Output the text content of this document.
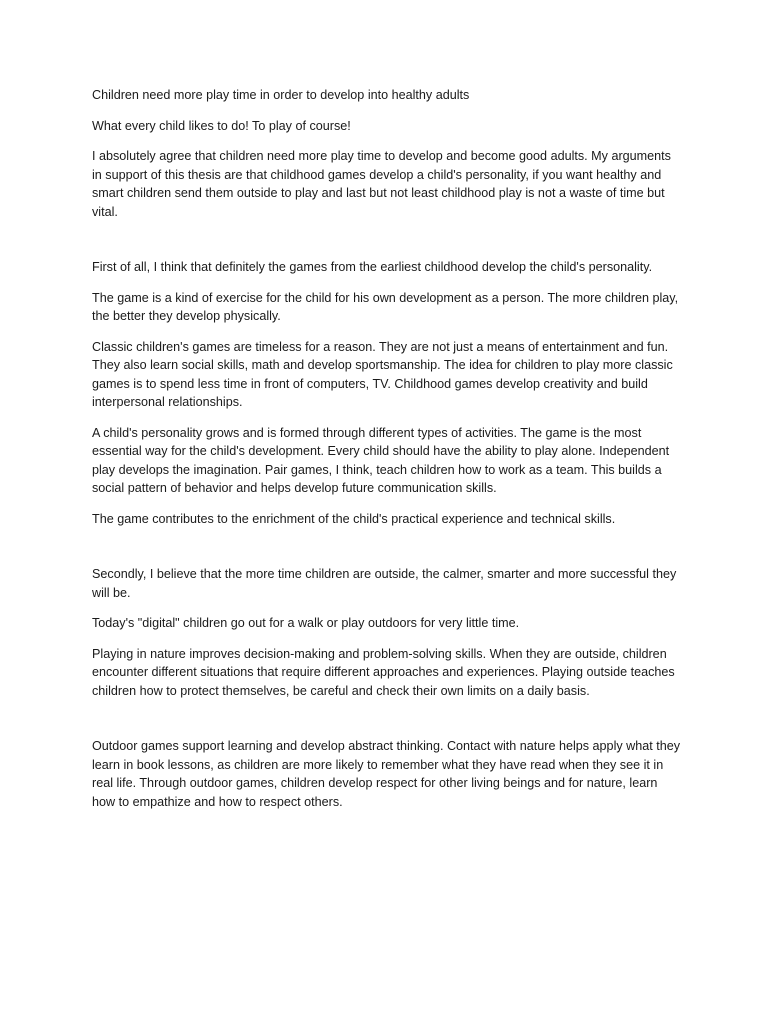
Children need more play time in order to develop into healthy adults

What every child likes to do! To play of course!

I absolutely agree that children need more play time to develop and become good adults. My arguments in support of this thesis are that childhood games develop a child's personality, if you want healthy and smart children send them outside to play and last but not least childhood play is not a waste of time but vital.

First of all, I think that definitely the games from the earliest childhood develop the child's personality.

The game is a kind of exercise for the child for his own development as a person. The more children play, the better they develop physically.

Classic children's games are timeless for a reason. They are not just a means of entertainment and fun. They also learn social skills, math and develop sportsmanship. The idea for children to play more classic games is to spend less time in front of computers, TV. Childhood games develop creativity and build interpersonal relationships.

A child's personality grows and is formed through different types of activities. The game is the most essential way for the child's development. Every child should have the ability to play alone. Independent play develops the imagination. Pair games, I think, teach children how to work as a team. This builds a social pattern of behavior and helps develop future communication skills.

The game contributes to the enrichment of the child's practical experience and technical skills.

Secondly, I believe that the more time children are outside, the calmer, smarter and more successful they will be.

Today's "digital" children go out for a walk or play outdoors for very little time.

Playing in nature improves decision-making and problem-solving skills. When they are outside, children encounter different situations that require different approaches and experiences. Playing outside teaches children how to protect themselves, be careful and check their own limits on a daily basis.

Outdoor games support learning and develop abstract thinking. Contact with nature helps apply what they learn in book lessons, as children are more likely to remember what they have read when they see it in real life. Through outdoor games, children develop respect for other living beings and for nature, learn how to empathize and how to respect others.
